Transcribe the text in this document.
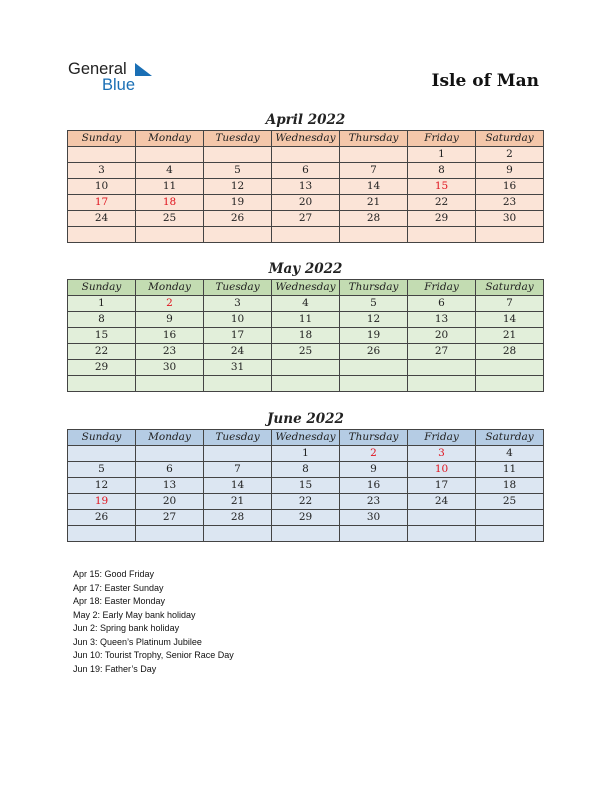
General
Blue	Isle of Man
April 2022
Sunday	Monday	Tuesday	Wednesday	Thursday	Friday	Saturday
					1	2
3	4	5	6	7	8	9
10	11	12	13	14	15	16
17	18	19	20	21	22	23
24	25	26	27	28	29	30

May 2022
Sunday	Monday	Tuesday	Wednesday	Thursday	Friday	Saturday
1	2	3	4	5	6	7
8	9	10	11	12	13	14
15	16	17	18	19	20	21
22	23	24	25	26	27	28
29	30	31				

June 2022
Sunday	Monday	Tuesday	Wednesday	Thursday	Friday	Saturday
			1	2	3	4
5	6	7	8	9	10	11
12	13	14	15	16	17	18
19	20	21	22	23	24	25
26	27	28	29	30		

Apr 15: Good Friday
Apr 17: Easter Sunday
Apr 18: Easter Monday
May 2: Early May bank holiday
Jun 2: Spring bank holiday
Jun 3: Queen’s Platinum Jubilee
Jun 10: Tourist Trophy, Senior Race Day
Jun 19: Father’s Day
